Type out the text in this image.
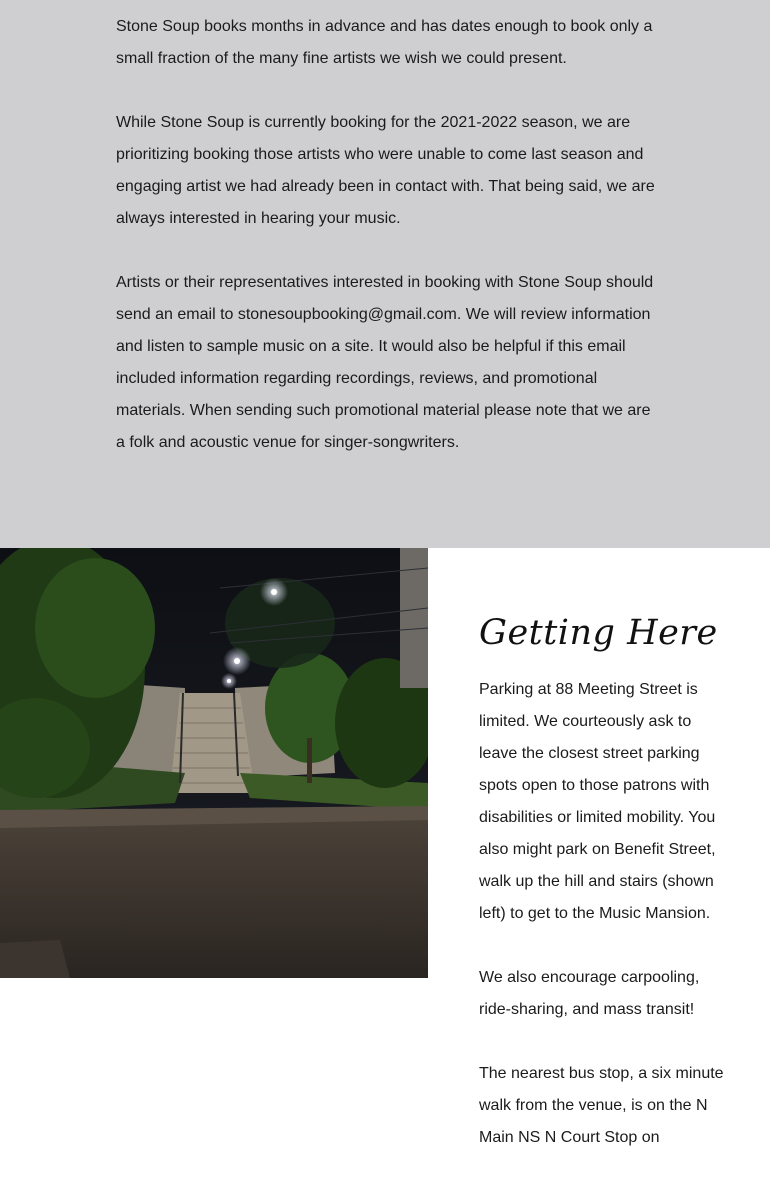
Stone Soup books months in advance and has dates enough to book only a small fraction of the many fine artists we wish we could present.

While Stone Soup is currently booking for the 2021-2022 season, we are prioritizing booking those artists who were unable to come last season and engaging artist we had already been in contact with. That being said, we are always interested in hearing your music.

Artists or their representatives interested in booking with Stone Soup should send an email to stonesoupbooking@gmail.com. We will review information and listen to sample music on a site. It would also be helpful if this email included information regarding recordings, reviews, and promotional materials. When sending such promotional material please note that we are a folk and acoustic venue for singer-songwriters.

Getting Here

Parking at 88 Meeting Street is limited. We courteously ask to leave the closest street parking spots open to those patrons with disabilities or limited mobility. You also might park on Benefit Street, walk up the hill and stairs (shown left) to get to the Music Mansion.

We also encourage carpooling, ride-sharing, and mass transit!

The nearest bus stop, a six minute walk from the venue, is on the N Main NS N Court Stop on
